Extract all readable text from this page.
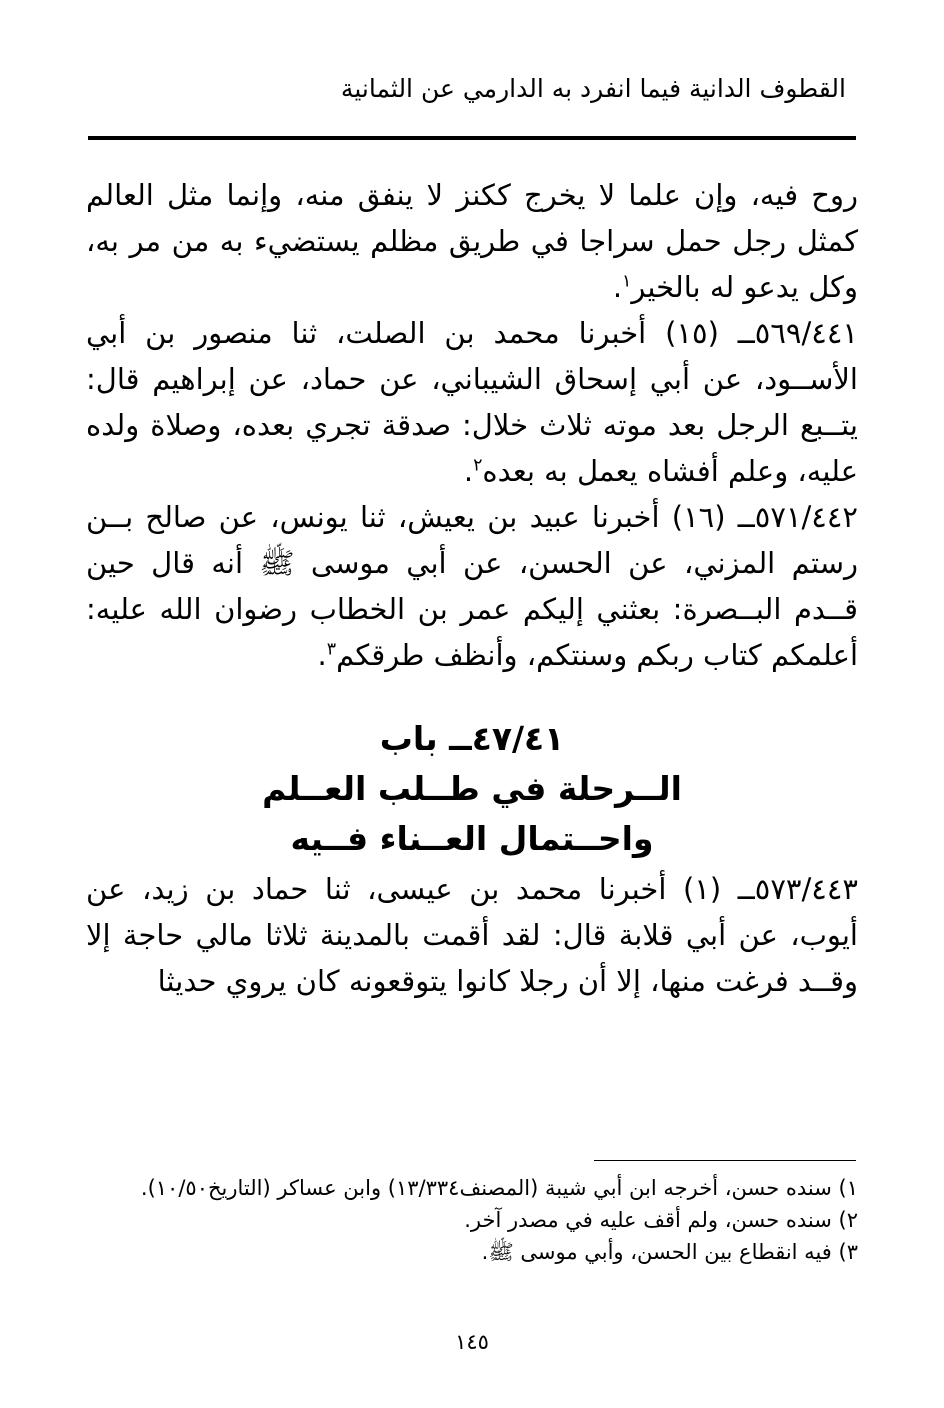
القطوف الدانية فيما انفرد به الدارمي عن الثمانية

روح فيه، وإن علما لا يخرج ككنز لا ينفق منه، وإنما مثل العالم كمثل رجل حمل سراجا في طريق مظلم يستضيء به من مر به، وكل يدعو له بالخير$^١$.

٥٦٩/٤٤١ــ (١٥) أخبرنا محمد بن الصلت، ثنا منصور بن أبي الأســود، عن أبي إسحاق الشيباني، عن حماد، عن إبراهيم قال: يتــبع الرجل بعد موته ثلاث خلال: صدقة تجري بعده، وصلاة ولده عليه، وعلم أفشاه يعمل به بعده$^٢$.

٥٧١/٤٤٢ــ (١٦) أخبرنا عبيد بن يعيش، ثنا يونس، عن صالح بــن رستم المزني، عن الحسن، عن أبي موسى ﷺ أنه قال حين قــدم البــصرة: بعثني إليكم عمر بن الخطاب رضوان الله عليه: أعلمكم كتاب ربكم وسنتكم، وأنظف طرقكم$^٣$.

٤٧/٤١ــ باب
الــرحلة في طــلب العــلم
واحــتمال العــناء فــيه

٥٧٣/٤٤٣ــ (١) أخبرنا محمد بن عيسى، ثنا حماد بن زيد، عن أيوب، عن أبي قلابة قال: لقد أقمت بالمدينة ثلاثا مالي حاجة إلا وقــد فرغت منها، إلا أن رجلا كانوا يتوقعونه كان يروي حديثا

١) سنده حسن، أخرجه ابن أبي شيبة (المصنف١٣/٣٣٤) وابن عساكر (التاريخ١٠/٥٠).

٢) سنده حسن، ولم أقف عليه في مصدر آخر.

٣) فيه انقطاع بين الحسن، وأبي موسى ﷺ.

١٤٥
